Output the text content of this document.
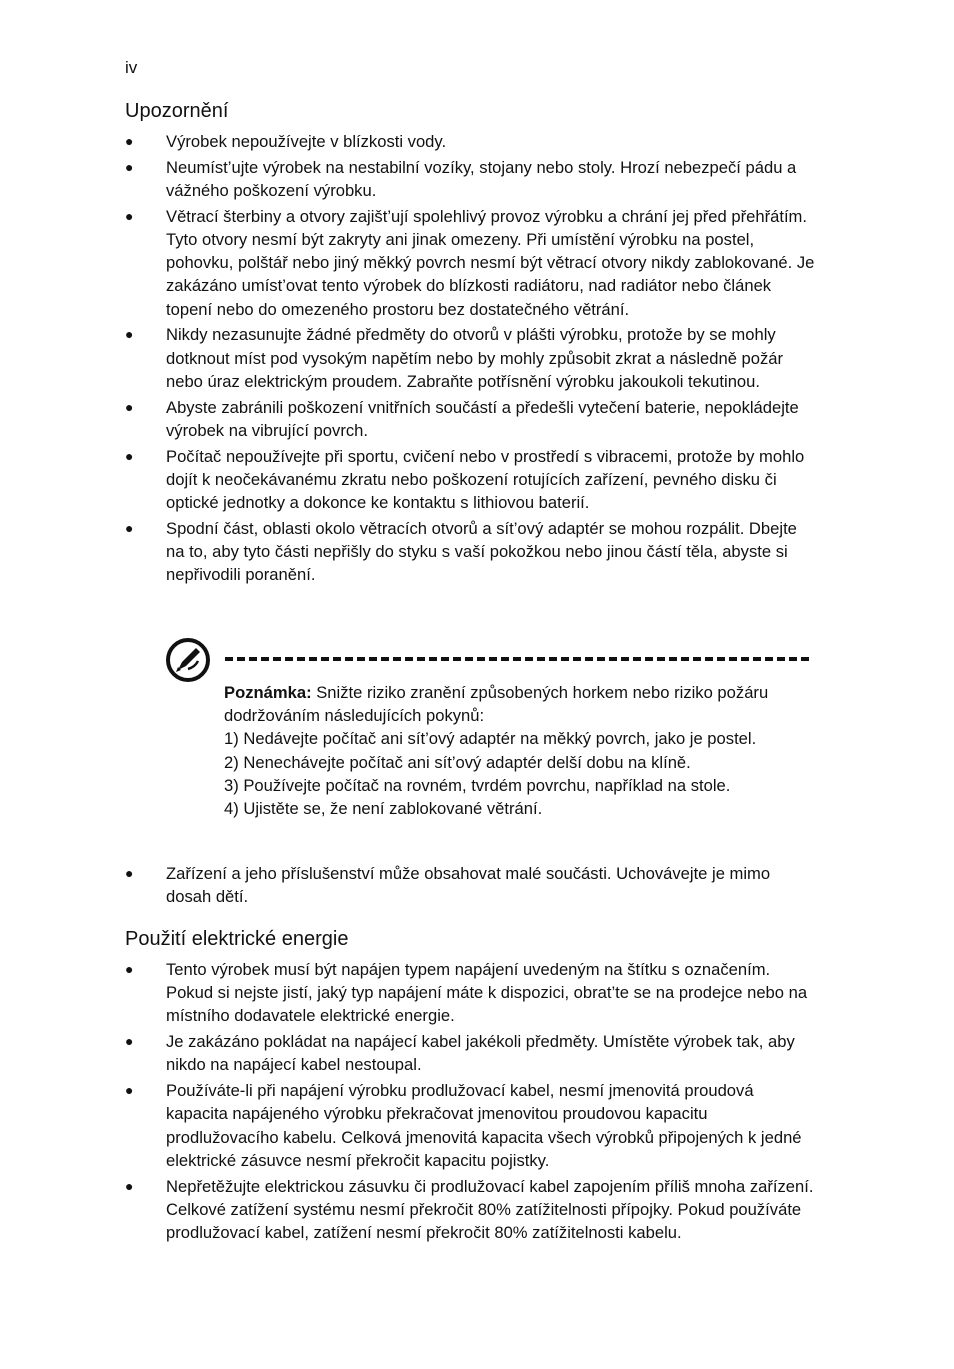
iv
Upozornění
● Výrobek nepoužívejte v blízkosti vody.
● Neumíst’ujte výrobek na nestabilní vozíky, stojany nebo stoly. Hrozí nebezpečí pádu a vážného poškození výrobku.
● Větrací šterbiny a otvory zajišt’ují spolehlivý provoz výrobku a chrání jej před přehřátím. Tyto otvory nesmí být zakryty ani jinak omezeny. Při umístění výrobku na postel, pohovku, polštář nebo jiný měkký povrch nesmí být větrací otvory nikdy zablokované. Je zakázáno umíst’ovat tento výrobek do blízkosti radiátoru, nad radiátor nebo článek topení nebo do omezeného prostoru bez dostatečného větrání.
● Nikdy nezasunujte žádné předměty do otvorů v plášti výrobku, protože by se mohly dotknout míst pod vysokým napětím nebo by mohly způsobit zkrat a následně požár nebo úraz elektrickým proudem. Zabraňte potřísnění výrobku jakoukoli tekutinou.
● Abyste zabránili poškození vnitřních součástí a předešli vytečení baterie, nepokládejte výrobek na vibrující povrch.
● Počítač nepoužívejte při sportu, cvičení nebo v prostředí s vibracemi, protože by mohlo dojít k neočekávanému zkratu nebo poškození rotujících zařízení, pevného disku či optické jednotky a dokonce ke kontaktu s lithiovou baterií.
● Spodní část, oblasti okolo větracích otvorů a sít’ový adaptér se mohou rozpálit. Dbejte na to, aby tyto části nepřišly do styku s vaší pokožkou nebo jinou částí těla, abyste si nepřivodili poranění.

Poznámka: Snižte riziko zranění způsobených horkem nebo riziko požáru dodržováním následujících pokynů:

1) Nedávejte počítač ani sít’ový adaptér na měkký povrch, jako je postel.

2) Nenechávejte počítač ani sít’ový adaptér delší dobu na klíně.

3) Používejte počítač na rovném, tvrdém povrchu, například na stole.

4) Ujistěte se, že není zablokované větrání.

● Zařízení a jeho příslušenství může obsahovat malé součásti. Uchovávejte je mimo dosah dětí.
Použití elektrické energie
● Tento výrobek musí být napájen typem napájení uvedeným na štítku s označením. Pokud si nejste jistí, jaký typ napájení máte k dispozici, obrat’te se na prodejce nebo na místního dodavatele elektrické energie.
● Je zakázáno pokládat na napájecí kabel jakékoli předměty. Umístěte výrobek tak, aby nikdo na napájecí kabel nestoupal.
● Používáte-li při napájení výrobku prodlužovací kabel, nesmí jmenovitá proudová kapacita napájeného výrobku překračovat jmenovitou proudovou kapacitu prodlužovacího kabelu. Celková jmenovitá kapacita všech výrobků připojených k jedné elektrické zásuvce nesmí překročit kapacitu pojistky.
● Nepřetěžujte elektrickou zásuvku či prodlužovací kabel zapojením příliš mnoha zařízení. Celkové zatížení systému nesmí překročit 80% zatížitelnosti přípojky. Pokud používáte prodlužovací kabel, zatížení nesmí překročit 80% zatížitelnosti kabelu.
